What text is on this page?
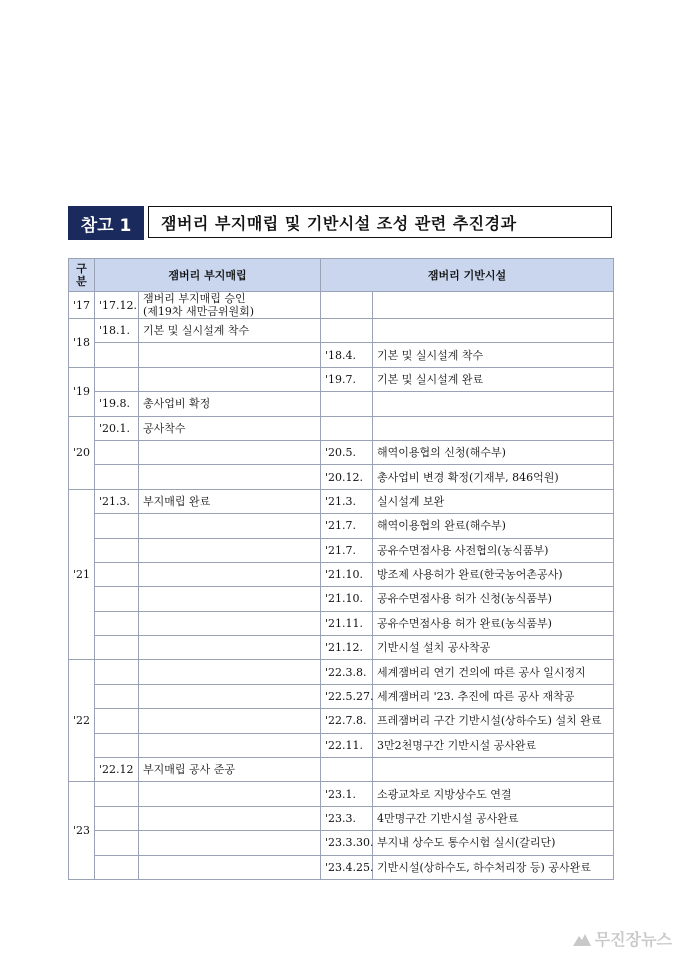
참고 1	잼버리 부지매립 및 기반시설 조성 관련 추진경과
구
분	잼버리 부지매립		잼버리 기반시설	
'17	'17.12.	잼버리 부지매립 승인
(제19차 새만금위원회)		
'18	'18.1.	기본 및 실시설계 착수		
			'18.4.	기본 및 실시설계 착수
'19			'19.7.	기본 및 실시설계 완료
	'19.8.	총사업비 확정		
'20	'20.1.	공사착수		
			'20.5.	해역이용협의 신청(해수부)
			'20.12.	총사업비 변경 확정(기재부, 846억원)
'21	'21.3.	부지매립 완료	'21.3.	실시설계 보완
			'21.7.	해역이용협의 완료(해수부)
			'21.7.	공유수면점사용 사전협의(농식품부)
			'21.10.	방조제 사용허가 완료(한국농어촌공사)
			'21.10.	공유수면점사용 허가 신청(농식품부)
			'21.11.	공유수면점사용 허가 완료(농식품부)
			'21.12.	기반시설 설치 공사착공
'22			'22.3.8.	세계잼버리 연기 건의에 따른 공사 일시정지
			'22.5.27.	세계잼버리 '23. 추진에 따른 공사 재착공
			'22.7.8.	프레잼버리 구간 기반시설(상하수도) 설치 완료
			'22.11.	3만2천명구간 기반시설 공사완료
	'22.12	부지매립 공사 준공		
'23			'23.1.	소광교차로 지방상수도 연결
			'23.3.	4만명구간 기반시설 공사완료
			'23.3.30.	부지내 상수도 통수시험 실시(갈리단)
			'23.4.25.	기반시설(상하수도, 하수처리장 등) 공사완료
무진장뉴스
